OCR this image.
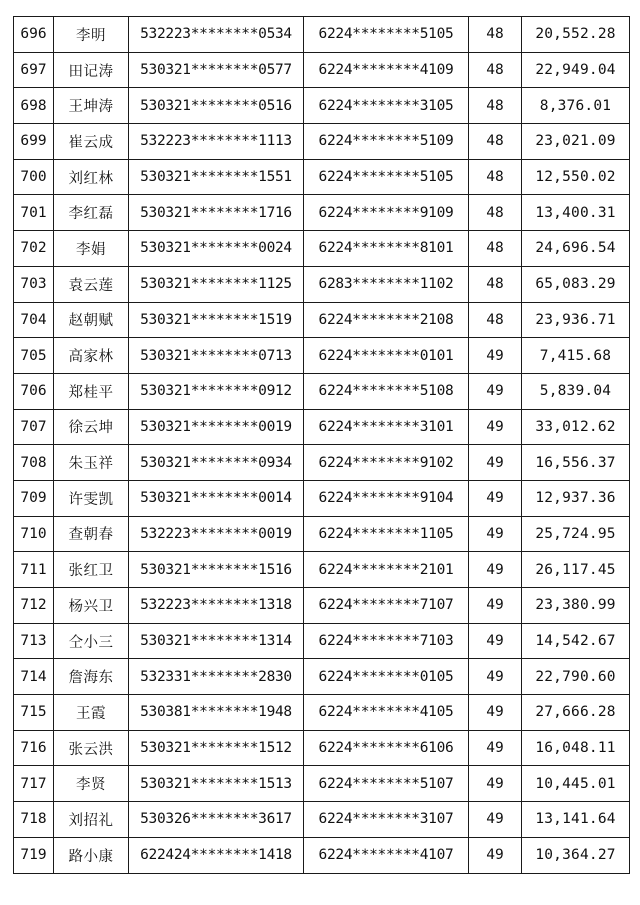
696	李明	532223********0534	6224********5105	48	20,552.28
697	田记涛	530321********0577	6224********4109	48	22,949.04
698	王坤涛	530321********0516	6224********3105	48	8,376.01
699	崔云成	532223********1113	6224********5109	48	23,021.09
700	刘红林	530321********1551	6224********5105	48	12,550.02
701	李红磊	530321********1716	6224********9109	48	13,400.31
702	李娟	530321********0024	6224********8101	48	24,696.54
703	袁云莲	530321********1125	6283********1102	48	65,083.29
704	赵朝赋	530321********1519	6224********2108	48	23,936.71
705	高家林	530321********0713	6224********0101	49	7,415.68
706	郑桂平	530321********0912	6224********5108	49	5,839.04
707	徐云坤	530321********0019	6224********3101	49	33,012.62
708	朱玉祥	530321********0934	6224********9102	49	16,556.37
709	许雯凯	530321********0014	6224********9104	49	12,937.36
710	查朝春	532223********0019	6224********1105	49	25,724.95
711	张红卫	530321********1516	6224********2101	49	26,117.45
712	杨兴卫	532223********1318	6224********7107	49	23,380.99
713	仝小三	530321********1314	6224********7103	49	14,542.67
714	詹海东	532331********2830	6224********0105	49	22,790.60
715	王霞	530381********1948	6224********4105	49	27,666.28
716	张云洪	530321********1512	6224********6106	49	16,048.11
717	李贤	530321********1513	6224********5107	49	10,445.01
718	刘招礼	530326********3617	6224********3107	49	13,141.64
719	路小康	622424********1418	6224********4107	49	10,364.27
